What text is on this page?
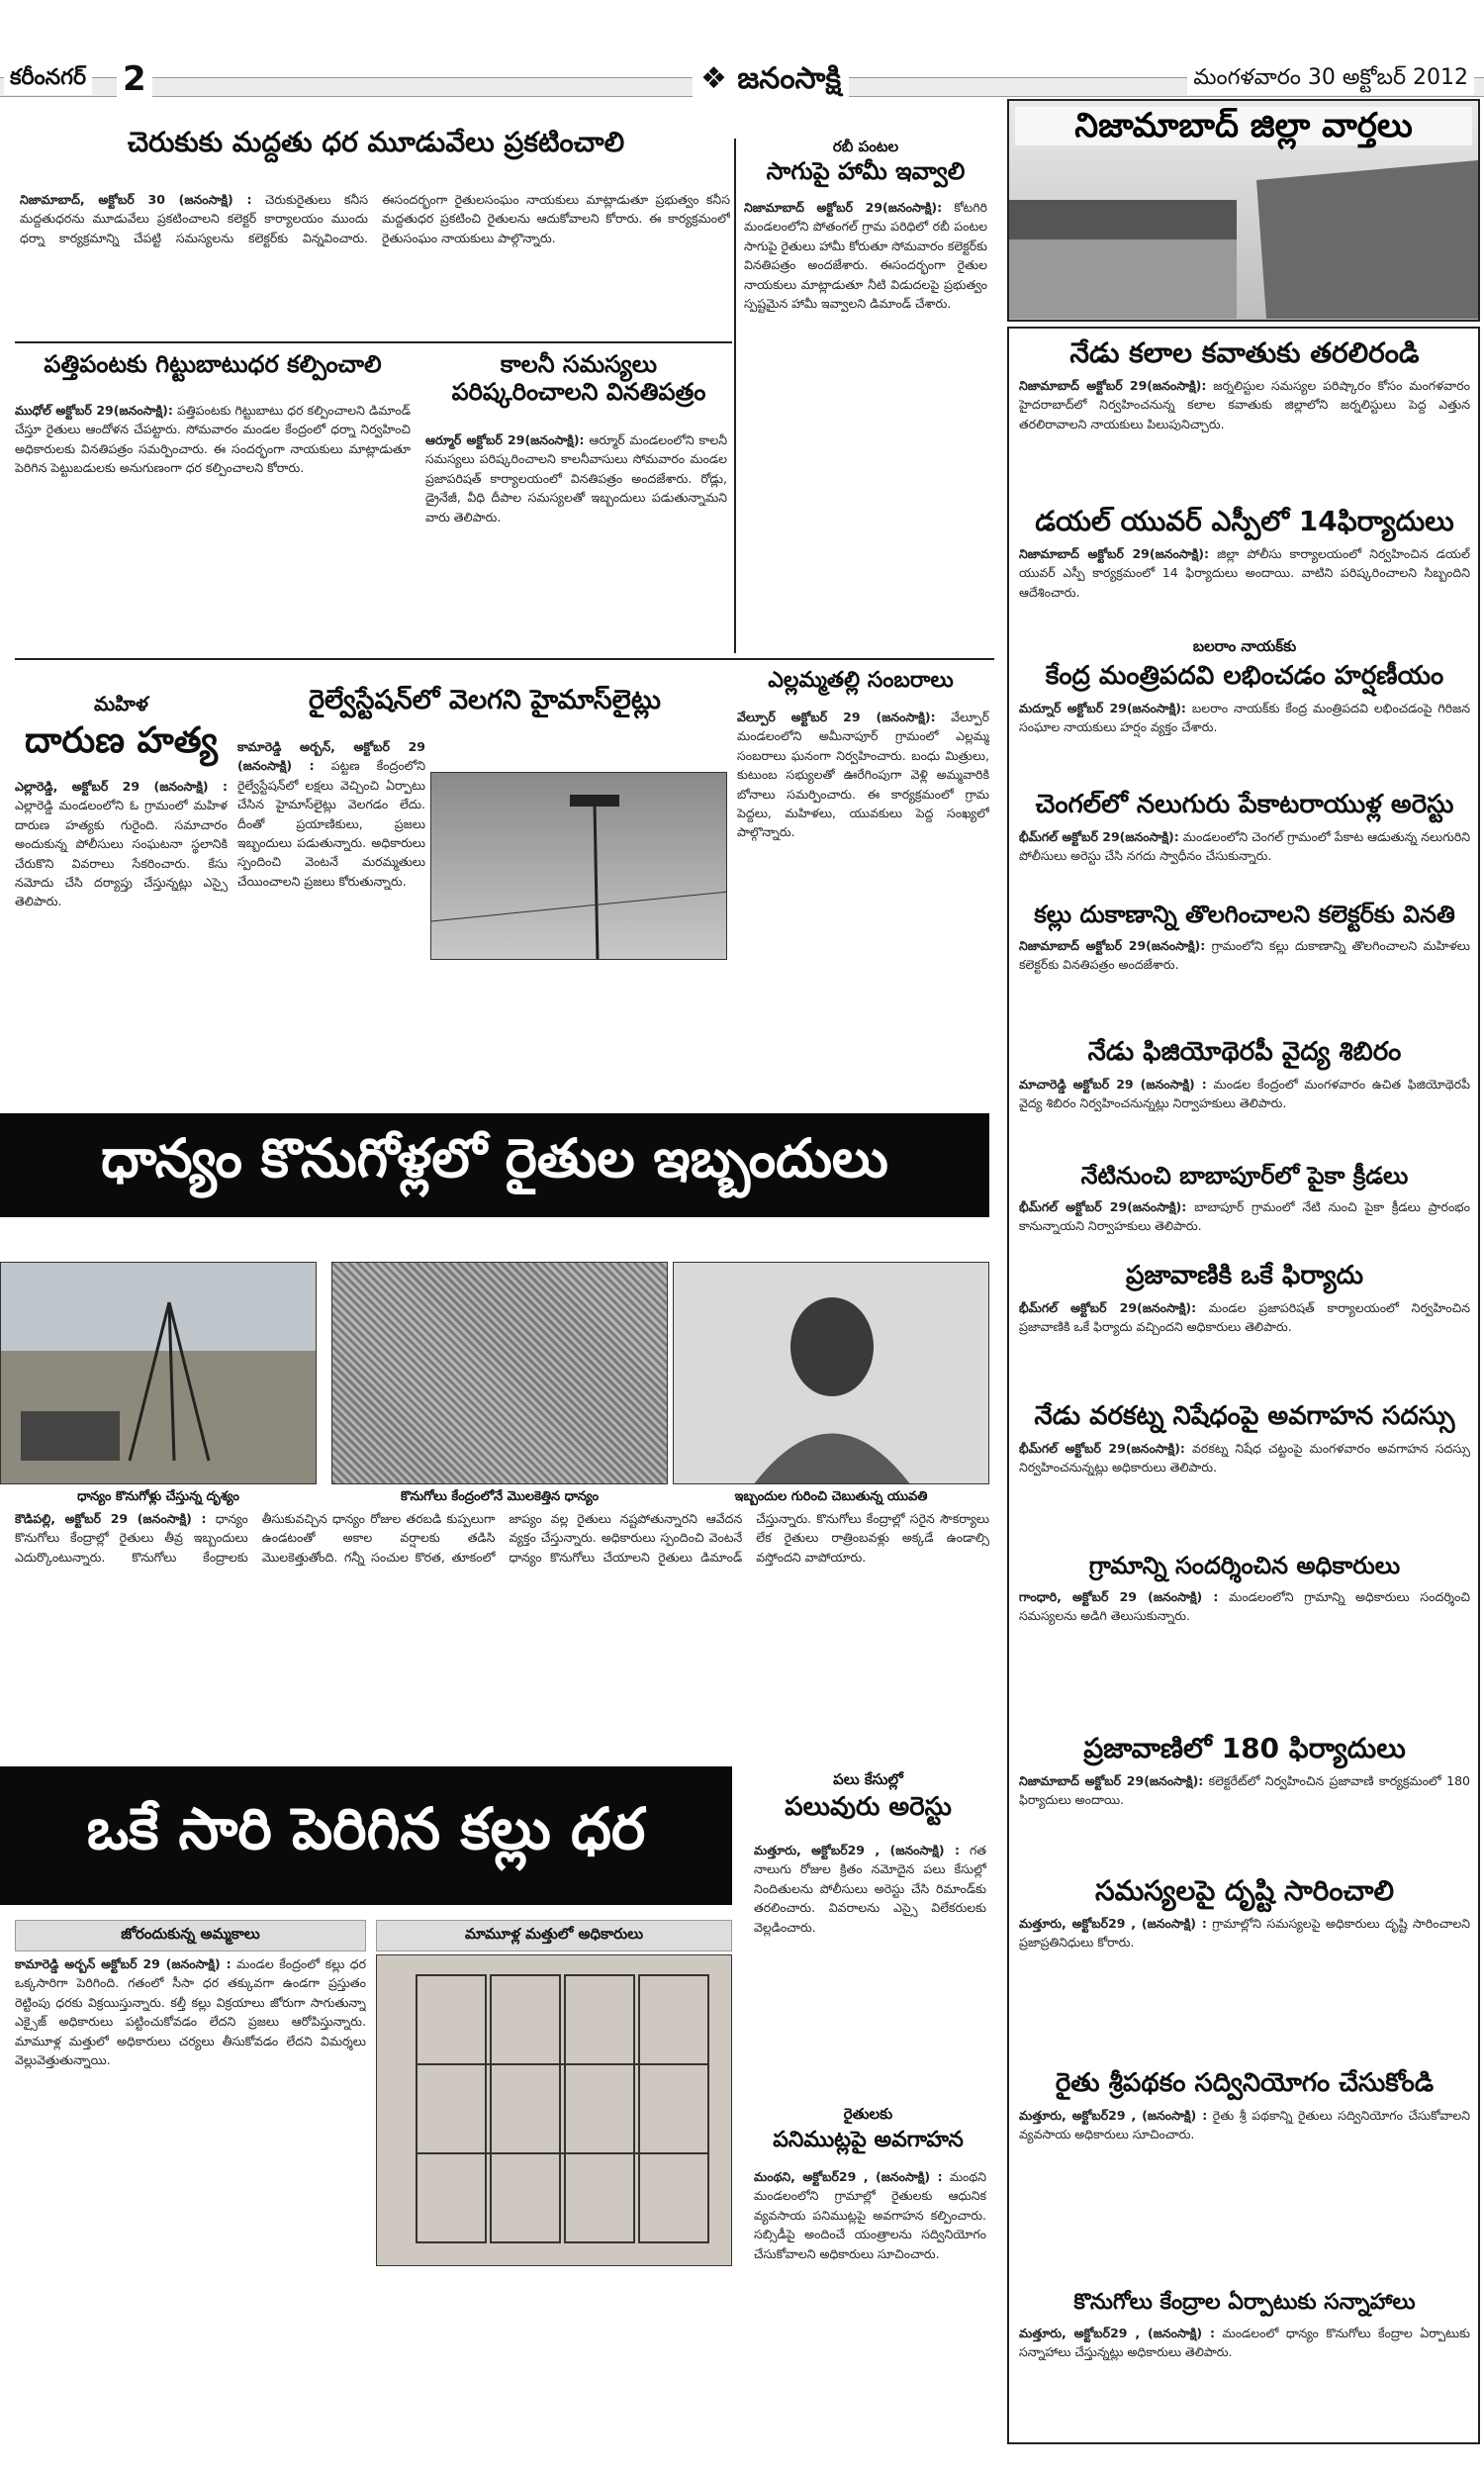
కరీంనగర్ 2	❖ జనంసాక్షి	మంగళవారం 30 అక్టోబర్ 2012
చెరుకుకు మద్దతు ధర మూడువేలు ప్రకటించాలి
నిజామాబాద్, అక్టోబర్ 30 (జనంసాక్షి) : చెరుకురైతులు కనీస మద్దతుధరను మూడువేలు ప్రకటించాలని కలెక్టర్ కార్యాలయం ముందు ధర్నా కార్యక్రమాన్ని చేపట్టి సమస్యలను కలెక్టర్‌కు విన్నవించారు. ఈసందర్భంగా రైతులసంఘం నాయకులు మాట్లాడుతూ ప్రభుత్వం కనీస మద్దతుధర ప్రకటించి రైతులను ఆదుకోవాలని కోరారు. ఈ కార్యక్రమంలో రైతుసంఘం నాయకులు పాల్గొన్నారు.
రబీ పంటల
సాగుపై హామీ ఇవ్వాలి
నిజామాబాద్ అక్టోబర్ 29(జనంసాక్షి): కోటగిరి మండలంలోని పోతంగల్ గ్రామ పరిధిలో రబీ పంటల సాగుపై రైతులు హామీ కోరుతూ సోమవారం కలెక్టర్‌కు వినతిపత్రం అందజేశారు. ఈసందర్భంగా రైతుల నాయకులు మాట్లాడుతూ నీటి విడుదలపై ప్రభుత్వం స్పష్టమైన హామీ ఇవ్వాలని డిమాండ్ చేశారు.
పత్తిపంటకు గిట్టుబాటుధర కల్పించాలి
ముధోల్ అక్టోబర్ 29(జనంసాక్షి): పత్తిపంటకు గిట్టుబాటు ధర కల్పించాలని డిమాండ్ చేస్తూ రైతులు ఆందోళన చేపట్టారు. సోమవారం మండల కేంద్రంలో ధర్నా నిర్వహించి అధికారులకు వినతిపత్రం సమర్పించారు. ఈ సందర్భంగా నాయకులు మాట్లాడుతూ పెరిగిన పెట్టుబడులకు అనుగుణంగా ధర కల్పించాలని కోరారు.
కాలనీ సమస్యలు పరిష్కరించాలని వినతిపత్రం
ఆర్మూర్ అక్టోబర్ 29(జనంసాక్షి): ఆర్మూర్ మండలంలోని కాలనీ సమస్యలు పరిష్కరించాలని కాలనీవాసులు సోమవారం మండల ప్రజాపరిషత్ కార్యాలయంలో వినతిపత్రం అందజేశారు. రోడ్లు, డ్రైనేజీ, వీధి దీపాల సమస్యలతో ఇబ్బందులు పడుతున్నామని వారు తెలిపారు.
ఎల్లమ్మతల్లి సంబరాలు
వేల్పూర్ అక్టోబర్ 29 (జనంసాక్షి): వేల్పూర్ మండలంలోని అమీనాపూర్ గ్రామంలో ఎల్లమ్మ సంబరాలు ఘనంగా నిర్వహించారు. బంధు మిత్రులు, కుటుంబ సభ్యులతో ఊరేగింపుగా వెళ్లి అమ్మవారికి బోనాలు సమర్పించారు. ఈ కార్యక్రమంలో గ్రామ పెద్దలు, మహిళలు, యువకులు పెద్ద సంఖ్యలో పాల్గొన్నారు.
మహిళ
దారుణ హత్య
ఎల్లారెడ్డి, అక్టోబర్ 29 (జనంసాక్షి) : ఎల్లారెడ్డి మండలంలోని ఓ గ్రామంలో మహిళ దారుణ హత్యకు గురైంది. సమాచారం అందుకున్న పోలీసులు సంఘటనా స్థలానికి చేరుకొని వివరాలు సేకరించారు. కేసు నమోదు చేసి దర్యాప్తు చేస్తున్నట్లు ఎస్సై తెలిపారు.
రైల్వేస్టేషన్‌లో వెలగని హైమాస్‌లైట్లు
కామారెడ్డి అర్బన్, అక్టోబర్ 29 (జనంసాక్షి) : పట్టణ కేంద్రంలోని రైల్వేస్టేషన్‌లో లక్షలు వెచ్చించి ఏర్పాటు చేసిన హైమాస్‌లైట్లు వెలగడం లేదు. దీంతో ప్రయాణికులు, ప్రజలు ఇబ్బందులు పడుతున్నారు. అధికారులు స్పందించి వెంటనే మరమ్మతులు చేయించాలని ప్రజలు కోరుతున్నారు.
ధాన్యం కొనుగోళ్లలో రైతుల ఇబ్బందులు
ధాన్యం కొనుగోళ్లు చేస్తున్న దృశ్యం	కొనుగోలు కేంద్రంలోనే మొలకెత్తిన ధాన్యం	ఇబ్బందుల గురించి చెబుతున్న యువతి
కౌడిపల్లి, అక్టోబర్ 29 (జనంసాక్షి) : ధాన్యం కొనుగోలు కేంద్రాల్లో రైతులు తీవ్ర ఇబ్బందులు ఎదుర్కొంటున్నారు. కొనుగోలు కేంద్రాలకు తీసుకువచ్చిన ధాన్యం రోజుల తరబడి కుప్పలుగా ఉండటంతో అకాల వర్షాలకు తడిసి మొలకెత్తుతోంది. గన్నీ సంచుల కొరత, తూకంలో జాప్యం వల్ల రైతులు నష్టపోతున్నారని ఆవేదన వ్యక్తం చేస్తున్నారు. అధికారులు స్పందించి వెంటనే ధాన్యం కొనుగోలు చేయాలని రైతులు డిమాండ్ చేస్తున్నారు. కొనుగోలు కేంద్రాల్లో సరైన సౌకర్యాలు లేక రైతులు రాత్రింబవళ్లు అక్కడే ఉండాల్సి వస్తోందని వాపోయారు.
ఒకే సారి పెరిగిన కల్లు ధర
జోరందుకున్న అమ్మకాలు	మామూళ్ల మత్తులో అధికారులు
కామారెడ్డి అర్బన్ అక్టోబర్ 29 (జనంసాక్షి) : మండల కేంద్రంలో కల్లు ధర ఒక్కసారిగా పెరిగింది. గతంలో సీసా ధర తక్కువగా ఉండగా ప్రస్తుతం రెట్టింపు ధరకు విక్రయిస్తున్నారు. కల్తీ కల్లు విక్రయాలు జోరుగా సాగుతున్నా ఎక్సైజ్ అధికారులు పట్టించుకోవడం లేదని ప్రజలు ఆరోపిస్తున్నారు. మామూళ్ల మత్తులో అధికారులు చర్యలు తీసుకోవడం లేదని విమర్శలు వెల్లువెత్తుతున్నాయి.
పలు కేసుల్లో
పలువురు అరెస్టు
మత్తూరు, అక్టోబర్29 , (జనంసాక్షి) : గత నాలుగు రోజుల క్రితం నమోదైన పలు కేసుల్లో నిందితులను పోలీసులు అరెస్టు చేసి రిమాండ్‌కు తరలించారు. వివరాలను ఎస్సై విలేకరులకు వెల్లడించారు.
రైతులకు
పనిముట్లపై అవగాహన
మంథని, అక్టోబర్29 , (జనంసాక్షి) : మంథని మండలంలోని గ్రామాల్లో రైతులకు ఆధునిక వ్యవసాయ పనిముట్లపై అవగాహన కల్పించారు. సబ్సిడీపై అందించే యంత్రాలను సద్వినియోగం చేసుకోవాలని అధికారులు సూచించారు.
నిజామాబాద్ జిల్లా వార్తలు
నేడు కలాల కవాతుకు తరలిరండి
నిజామాబాద్ అక్టోబర్ 29(జనంసాక్షి): జర్నలిస్టుల సమస్యల పరిష్కారం కోసం మంగళవారం హైదరాబాద్‌లో నిర్వహించనున్న కలాల కవాతుకు జిల్లాలోని జర్నలిస్టులు పెద్ద ఎత్తున తరలిరావాలని నాయకులు పిలుపునిచ్చారు.
డయల్ యువర్ ఎస్పీలో 14ఫిర్యాదులు
నిజామాబాద్ అక్టోబర్ 29(జనంసాక్షి): జిల్లా పోలీసు కార్యాలయంలో నిర్వహించిన డయల్ యువర్ ఎస్పీ కార్యక్రమంలో 14 ఫిర్యాదులు అందాయి. వాటిని పరిష్కరించాలని సిబ్బందిని ఆదేశించారు.
బలరాం నాయక్‌కు
కేంద్ర మంత్రిపదవి లభించడం హర్షణీయం
మద్నూర్ అక్టోబర్ 29(జనంసాక్షి): బలరాం నాయక్‌కు కేంద్ర మంత్రిపదవి లభించడంపై గిరిజన సంఘాల నాయకులు హర్షం వ్యక్తం చేశారు.
చెంగల్‌లో నలుగురు పేకాటరాయుళ్ల అరెస్టు
భీమ్‌గల్ అక్టోబర్ 29(జనంసాక్షి): మండలంలోని చెంగల్ గ్రామంలో పేకాట ఆడుతున్న నలుగురిని పోలీసులు అరెస్టు చేసి నగదు స్వాధీనం చేసుకున్నారు.
కల్లు దుకాణాన్ని తొలగించాలని కలెక్టర్‌కు వినతి
నిజామాబాద్ అక్టోబర్ 29(జనంసాక్షి): గ్రామంలోని కల్లు దుకాణాన్ని తొలగించాలని మహిళలు కలెక్టర్‌కు వినతిపత్రం అందజేశారు.
నేడు ఫిజియోథెరపీ వైద్య శిబిరం
మాచారెడ్డి అక్టోబర్ 29 (జనంసాక్షి) : మండల కేంద్రంలో మంగళవారం ఉచిత ఫిజియోథెరపీ వైద్య శిబిరం నిర్వహించనున్నట్లు నిర్వాహకులు తెలిపారు.
నేటినుంచి బాబాపూర్‌లో పైకా క్రీడలు
భీమ్‌గల్ అక్టోబర్ 29(జనంసాక్షి): బాబాపూర్ గ్రామంలో నేటి నుంచి పైకా క్రీడలు ప్రారంభం కానున్నాయని నిర్వాహకులు తెలిపారు.
ప్రజావాణికి ఒకే ఫిర్యాదు
భీమ్‌గల్ అక్టోబర్ 29(జనంసాక్షి): మండల ప్రజాపరిషత్ కార్యాలయంలో నిర్వహించిన ప్రజావాణికి ఒకే ఫిర్యాదు వచ్చిందని అధికారులు తెలిపారు.
నేడు వరకట్న నిషేధంపై అవగాహన సదస్సు
భీమ్‌గల్ అక్టోబర్ 29(జనంసాక్షి): వరకట్న నిషేధ చట్టంపై మంగళవారం అవగాహన సదస్సు నిర్వహించనున్నట్లు అధికారులు తెలిపారు.
గ్రామాన్ని సందర్శించిన అధికారులు
గాంధారి, అక్టోబర్ 29 (జనంసాక్షి) : మండలంలోని గ్రామాన్ని అధికారులు సందర్శించి సమస్యలను అడిగి తెలుసుకున్నారు.
ప్రజావాణిలో 180 ఫిర్యాదులు
నిజామాబాద్ అక్టోబర్ 29(జనంసాక్షి): కలెక్టరేట్‌లో నిర్వహించిన ప్రజావాణి కార్యక్రమంలో 180 ఫిర్యాదులు అందాయి.
సమస్యలపై దృష్టి సారించాలి
మత్తూరు, అక్టోబర్29 , (జనంసాక్షి) : గ్రామాల్లోని సమస్యలపై అధికారులు దృష్టి సారించాలని ప్రజాప్రతినిధులు కోరారు.
రైతు శ్రీపథకం సద్వినియోగం చేసుకోండి
మత్తూరు, అక్టోబర్29 , (జనంసాక్షి) : రైతు శ్రీ పథకాన్ని రైతులు సద్వినియోగం చేసుకోవాలని వ్యవసాయ అధికారులు సూచించారు.
కొనుగోలు కేంద్రాల ఏర్పాటుకు సన్నాహాలు
మత్తూరు, అక్టోబర్29 , (జనంసాక్షి) : మండలంలో ధాన్యం కొనుగోలు కేంద్రాల ఏర్పాటుకు సన్నాహాలు చేస్తున్నట్లు అధికారులు తెలిపారు.
